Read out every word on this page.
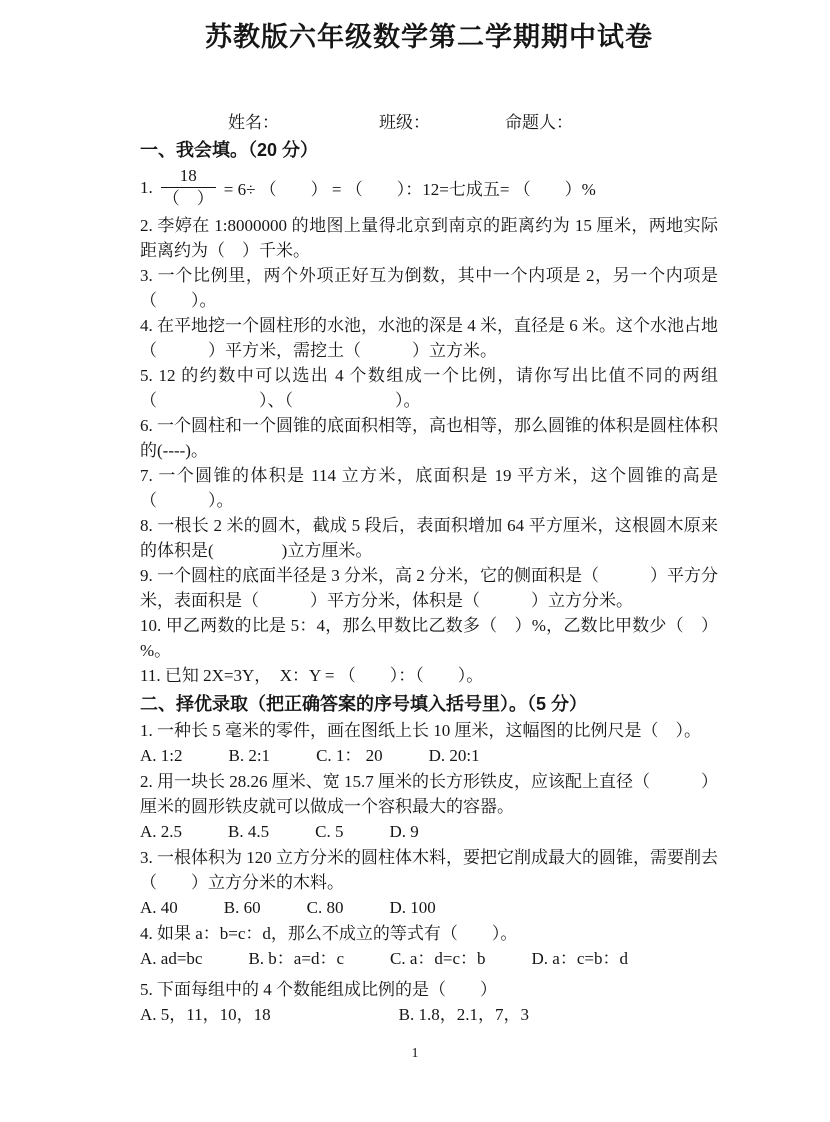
苏教版六年级数学第二学期期中试卷
姓名：	班级：	命题人：
一、我会填。（20 分）
1. $\frac{18}{( )} = 6\div$ （　　） = （　　）：12=七成五= （　　）%

2. 李婷在 1:8000000 的地图上量得北京到南京的距离约为 15 厘米，两地实际距离约为（　）千米。

3. 一个比例里，两个外项正好互为倒数，其中一个内项是 2，另一个内项是（　　）。

4. 在平地挖一个圆柱形的水池，水池的深是 4 米，直径是 6 米。这个水池占地（　　　）平方米，需挖土（　　　）立方米。

5. 12 的约数中可以选出 4 个数组成一个比例，请你写出比值不同的两组 （　　　　　　）、（　　　　　　）。

6. 一个圆柱和一个圆锥的底面积相等，高也相等，那么圆锥的体积是圆柱体积的(----)。

7. 一个圆锥的体积是 114 立方米，底面积是 19 平方米，这个圆锥的高是（　　　）。

8. 一根长 2 米的圆木，截成 5 段后，表面积增加 64 平方厘米，这根圆木原来的体积是(　　　　)立方厘米。

9. 一个圆柱的底面半径是 3 分米，高 2 分米，它的侧面积是（　　　）平方分米，表面积是（　　　）平方分米，体积是（　　　）立方分米。

10. 甲乙两数的比是 5：4，那么甲数比乙数多（　）%，乙数比甲数少（　）%。

11. 已知 2X=3Y，　X：Y = （　　）：（　　）。

二、择优录取（把正确答案的序号填入括号里）。（5 分）

1. 一种长 5 毫米的零件，画在图纸上长 10 厘米，这幅图的比例尺是（　）。

A. 1:2	B. 2:1	C. 1： 20	D. 20:1

2. 用一块长 28.26 厘米、宽 15.7 厘米的长方形铁皮，应该配上直径（　　　）厘米的圆形铁皮就可以做成一个容积最大的容器。

A. 2.5	B. 4.5	C. 5	D. 9

3. 一根体积为 120 立方分米的圆柱体木料，要把它削成最大的圆锥，需要削去（　　）立方分米的木料。

A. 40	B. 60	C. 80	D. 100

4. 如果 a：b=c：d，那么不成立的等式有（　　）。

A. ad=bc	B. b：a=d：c	C. a：d=c：b	D. a：c=b：d

5. 下面每组中的 4 个数能组成比例的是（　　）

A. 5，11，10，18	B. 1.8，2.1，7，3
1
